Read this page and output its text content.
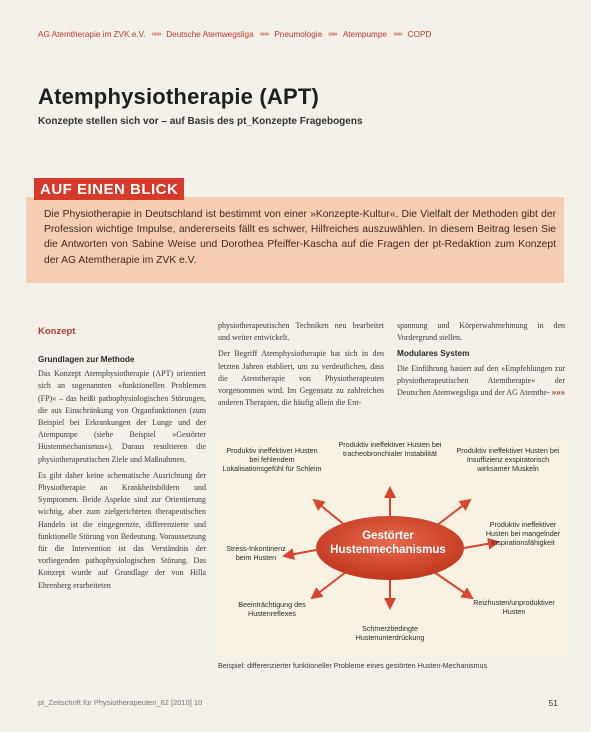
AG Atemtherapie im ZVK e.V. »»» Deutsche Atemwegsliga »»» Pneumologie »»» Atempumpe »»» COPD
Atemphysiotherapie (APT)
Konzepte stellen sich vor – auf Basis des pt_Konzepte Fragebogens
AUF EINEN BLICK
Die Physiotherapie in Deutschland ist bestimmt von einer »Konzepte-Kultur«. Die Vielfalt der Methoden gibt der Profession wichtige Impulse, andererseits fällt es schwer, Hilfreiches auszuwählen. In diesem Beitrag lesen Sie die Antworten von Sabine Weise und Dorothea Pfeiffer-Kascha auf die Fragen der pt-Redaktion zum Konzept der AG Atemtherapie im ZVK e.V.
Konzept
Grundlagen zur Methode

Das Konzept Atemphysiotherapie (APT) orientiert sich an sogenannten »funktionellen Problemen (FP)« – das heißt pathophysiologischen Störungen, die aus Einschränkung von Organfunktionen (zum Beispiel bei Erkrankungen der Lunge und der Atempumpe (siehe Beispiel »Gestörter Hustenmechanismus«). Daraus resultieren die physiotherapeutischen Ziele und Maßnahmen.

Es gibt daher keine schematische Ausrichtung der Physiotherapie an Krankheitsbildern und Symptomen. Beide Aspekte sind zur Orientierung wichtig, aber zum zielgerichteten therapeutischen Handeln ist die eingegrenzte, differenzierte und funktionelle Störung von Bedeutung. Voraussetzung für die Intervention ist das Verständnis der vorliegenden pathophysiologischen Störung. Das Konzept wurde auf Grundlage der von Hilla Ehrenberg erarbeiteten

physiotherapeutischen Techniken neu bearbeitet und weiter entwickelt.

Der Begriff Atemphysiotherapie hat sich in den letzten Jahren etabliert, um zu verdeutlichen, dass die Atemtherapie von Physiotherapeuten vorgenommen wird. Im Gegensatz zu zahlreichen anderen Therapien, die häufig allein die Ent-

spannung und Körperwahrnehmung in den Vordergrund stellen.

Modulares System

Die Einführung basiert auf den »Empfehlungen zur physiotherapeutischen Atemtherapie« der Deutschen Atemwegsliga und der AG Atemthe- »»»

Gestörter
Hustenmechanismus
Produktiv ineffektiver Husten bei tracheobronchialer Instabilität
Produktiv ineffektiver Husten bei fehlendem Lokalisationsgefühl für Schleim
Produktiv ineffektiver Husten bei Insuffizienz exspiratorisch wirksamer Muskeln
Stress-Inkontinenz beim Husten
Produktiv ineffektiver Husten bei mangelnder Inspirationsfähigkeit
Beeinträchtigung des Hustenreflexes
Reizhusten/unproduktiver Husten
Schmerzbedingte Hustenunterdrückung
Beispiel: differenzierter funktioneller Probleme eines gestörten Husten-Mechanismus
pt_Zeitschrift für Physiotherapeuten_62 [2010] 10	51
